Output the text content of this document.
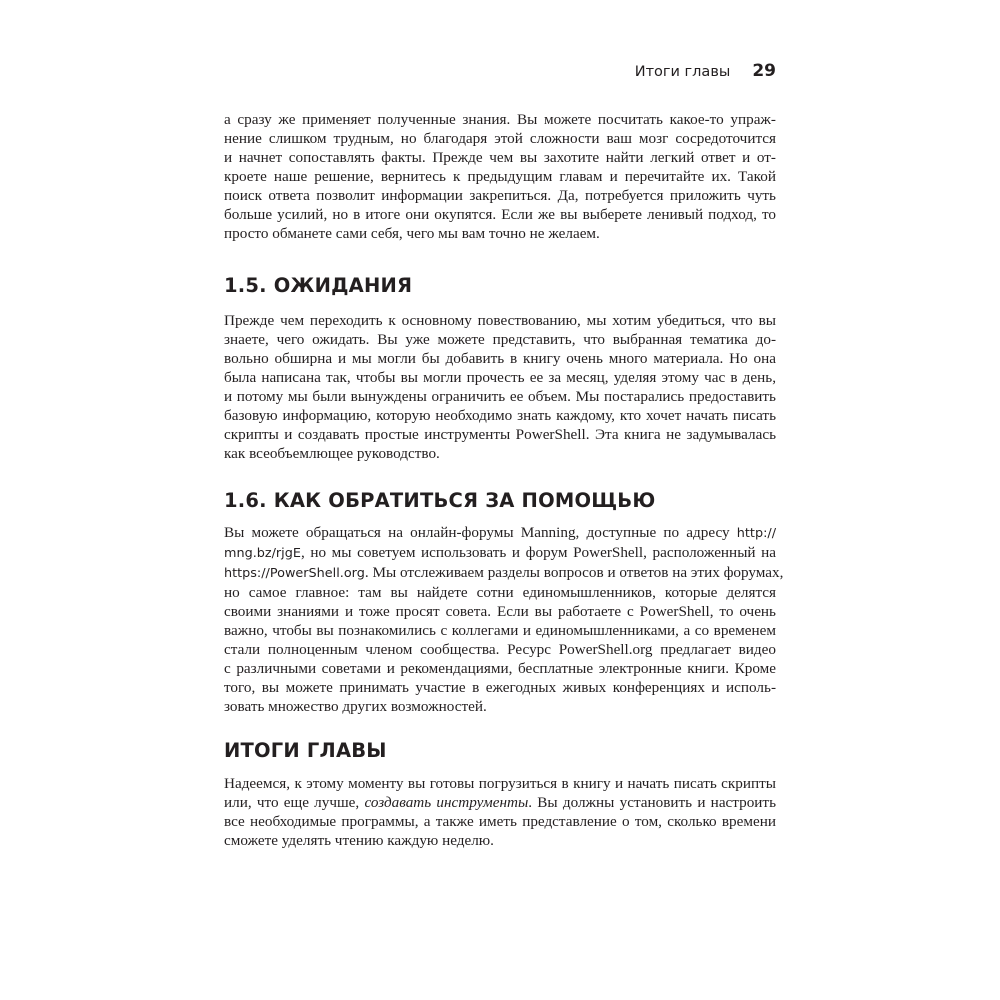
Итоги главы 29

а сразу же применяет полученные знания. Вы можете посчитать какое-то упраж-
нение слишком трудным, но благодаря этой сложности ваш мозг сосредоточится
и начнет сопоставлять факты. Прежде чем вы захотите найти легкий ответ и от-
кроете наше решение, вернитесь к предыдущим главам и перечитайте их. Такой
поиск ответа позволит информации закрепиться. Да, потребуется приложить чуть
больше усилий, но в итоге они окупятся. Если же вы выберете ленивый подход, то
просто обманете сами себя, чего мы вам точно не желаем.

1.5. ОЖИДАНИЯ

Прежде чем переходить к основному повествованию, мы хотим убедиться, что вы
знаете, чего ожидать. Вы уже можете представить, что выбранная тематика до-
вольно обширна и мы могли бы добавить в книгу очень много материала. Но она
была написана так, чтобы вы могли прочесть ее за месяц, уделяя этому час в день,
и потому мы были вынуждены ограничить ее объем. Мы постарались предоставить
базовую информацию, которую необходимо знать каждому, кто хочет начать писать
скрипты и создавать простые инструменты PowerShell. Эта книга не задумывалась
как всеобъемлющее руководство.

1.6. КАК ОБРАТИТЬСЯ ЗА ПОМОЩЬЮ

Вы можете обращаться на онлайн-форумы Manning, доступные по адресу http://
mng.bz/rjgE, но мы советуем использовать и форум PowerShell, расположенный на
https://PowerShell.org. Мы отслеживаем разделы вопросов и ответов на этих форумах,
но самое главное: там вы найдете сотни единомышленников, которые делятся
своими знаниями и тоже просят совета. Если вы работаете с PowerShell, то очень
важно, чтобы вы познакомились с коллегами и единомышленниками, а со временем
стали полноценным членом сообщества. Ресурс PowerShell.org предлагает видео
с различными советами и рекомендациями, бесплатные электронные книги. Кроме
того, вы можете принимать участие в ежегодных живых конференциях и исполь-
зовать множество других возможностей.

ИТОГИ ГЛАВЫ

Надеемся, к этому моменту вы готовы погрузиться в книгу и начать писать скрипты
или, что еще лучше, создавать инструменты. Вы должны установить и настроить
все необходимые программы, а также иметь представление о том, сколько времени
сможете уделять чтению каждую неделю.
